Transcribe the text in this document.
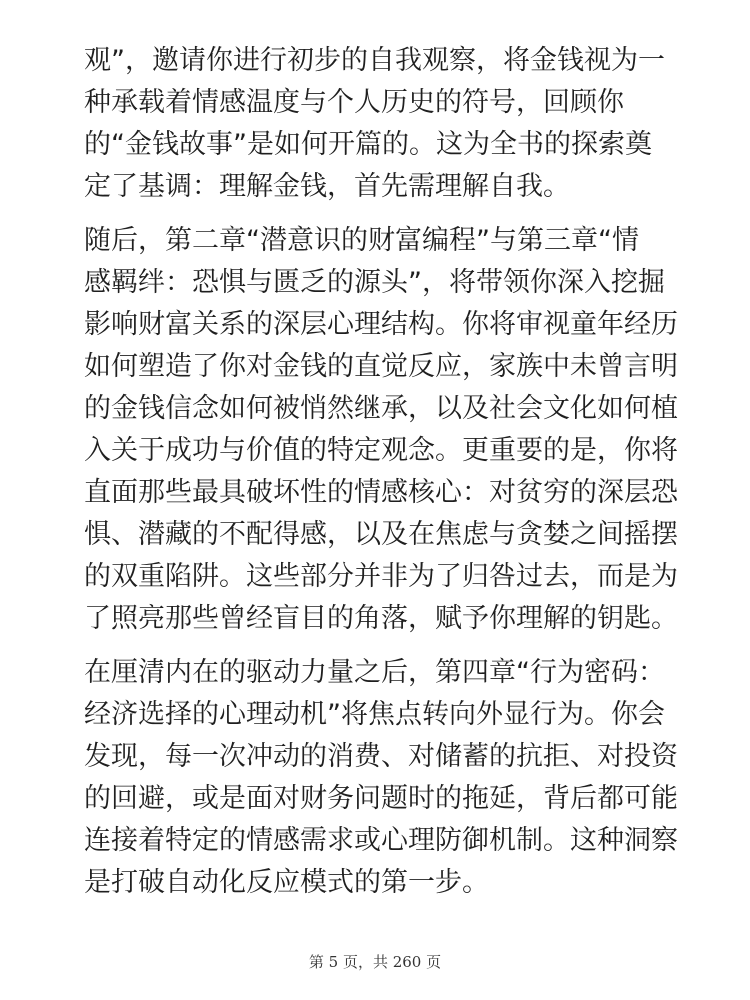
观”，邀请你进行初步的自我观察，将金钱视为一
种承载着情感温度与个人历史的符号，回顾你
的“金钱故事”是如何开篇的。这为全书的探索奠
定了基调：理解金钱，首先需理解自我。
随后，第二章“潜意识的财富编程”与第三章“情
感羁绊：恐惧与匮乏的源头”，将带领你深入挖掘
影响财富关系的深层心理结构。你将审视童年经历
如何塑造了你对金钱的直觉反应，家族中未曾言明
的金钱信念如何被悄然继承，以及社会文化如何植
入关于成功与价值的特定观念。更重要的是，你将
直面那些最具破坏性的情感核心：对贫穷的深层恐
惧、潜藏的不配得感，以及在焦虑与贪婪之间摇摆
的双重陷阱。这些部分并非为了归咎过去，而是为
了照亮那些曾经盲目的角落，赋予你理解的钥匙。
在厘清内在的驱动力量之后，第四章“行为密码：
经济选择的心理动机”将焦点转向外显行为。你会
发现，每一次冲动的消费、对储蓄的抗拒、对投资
的回避，或是面对财务问题时的拖延，背后都可能
连接着特定的情感需求或心理防御机制。这种洞察
是打破自动化反应模式的第一步。
第 5 页，共 260 页
